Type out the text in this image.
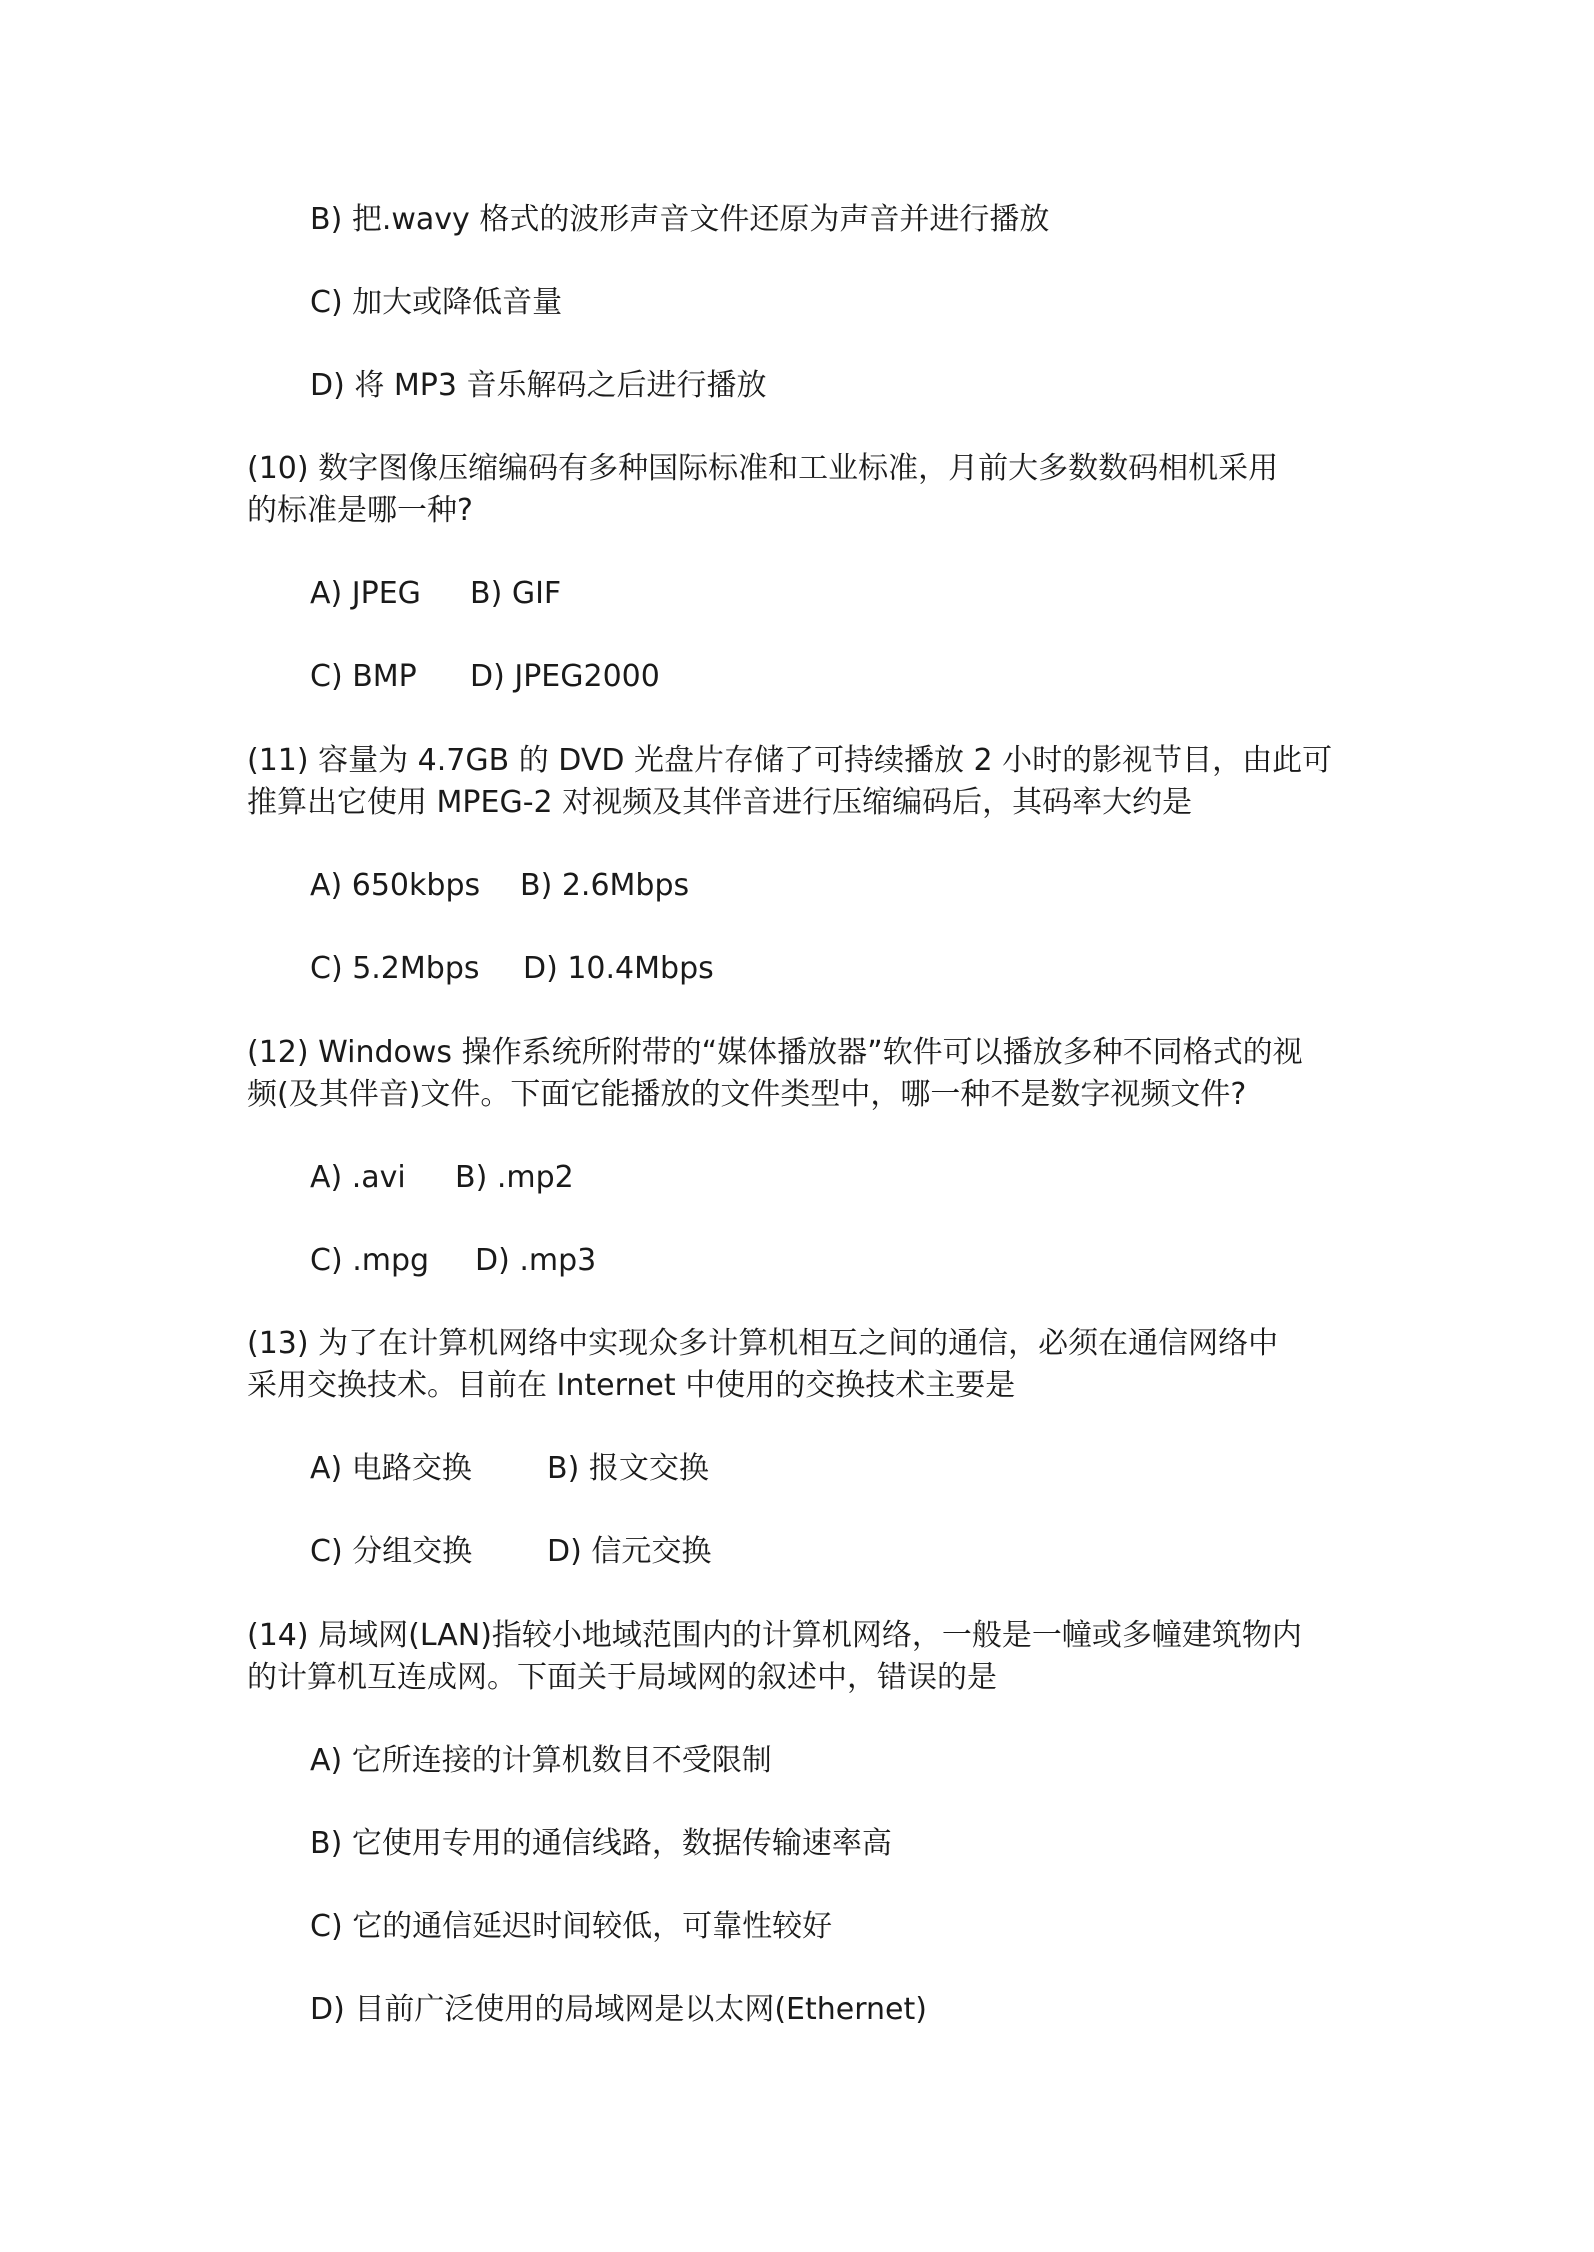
B) 把.wavy 格式的波形声音文件还原为声音并进行播放
C) 加大或降低音量
D) 将 MP3 音乐解码之后进行播放
(10) 数字图像压缩编码有多种国际标准和工业标准，月前大多数数码相机采用
的标准是哪一种?
A) JPEG B) GIF
C) BMP D) JPEG2000
(11) 容量为 4.7GB 的 DVD 光盘片存储了可持续播放 2 小时的影视节目，由此可
推算出它使用 MPEG-2 对视频及其伴音进行压缩编码后，其码率大约是
A) 650kbps B) 2.6Mbps
C) 5.2Mbps D) 10.4Mbps
(12) Windows 操作系统所附带的“媒体播放器”软件可以播放多种不同格式的视
频(及其伴音)文件。下面它能播放的文件类型中，哪一种不是数字视频文件?
A) .avi B) .mp2
C) .mpg D) .mp3
(13) 为了在计算机网络中实现众多计算机相互之间的通信，必须在通信网络中
采用交换技术。目前在 Internet 中使用的交换技术主要是
A) 电路交换	B) 报文交换
C) 分组交换 D) 信元交换
(14) 局域网(LAN)指较小地域范围内的计算机网络，一般是一幢或多幢建筑物内
的计算机互连成网。下面关于局域网的叙述中，错误的是
A) 它所连接的计算机数目不受限制
B) 它使用专用的通信线路，数据传输速率高
C) 它的通信延迟时间较低，可靠性较好
D) 目前广泛使用的局域网是以太网(Ethernet)
